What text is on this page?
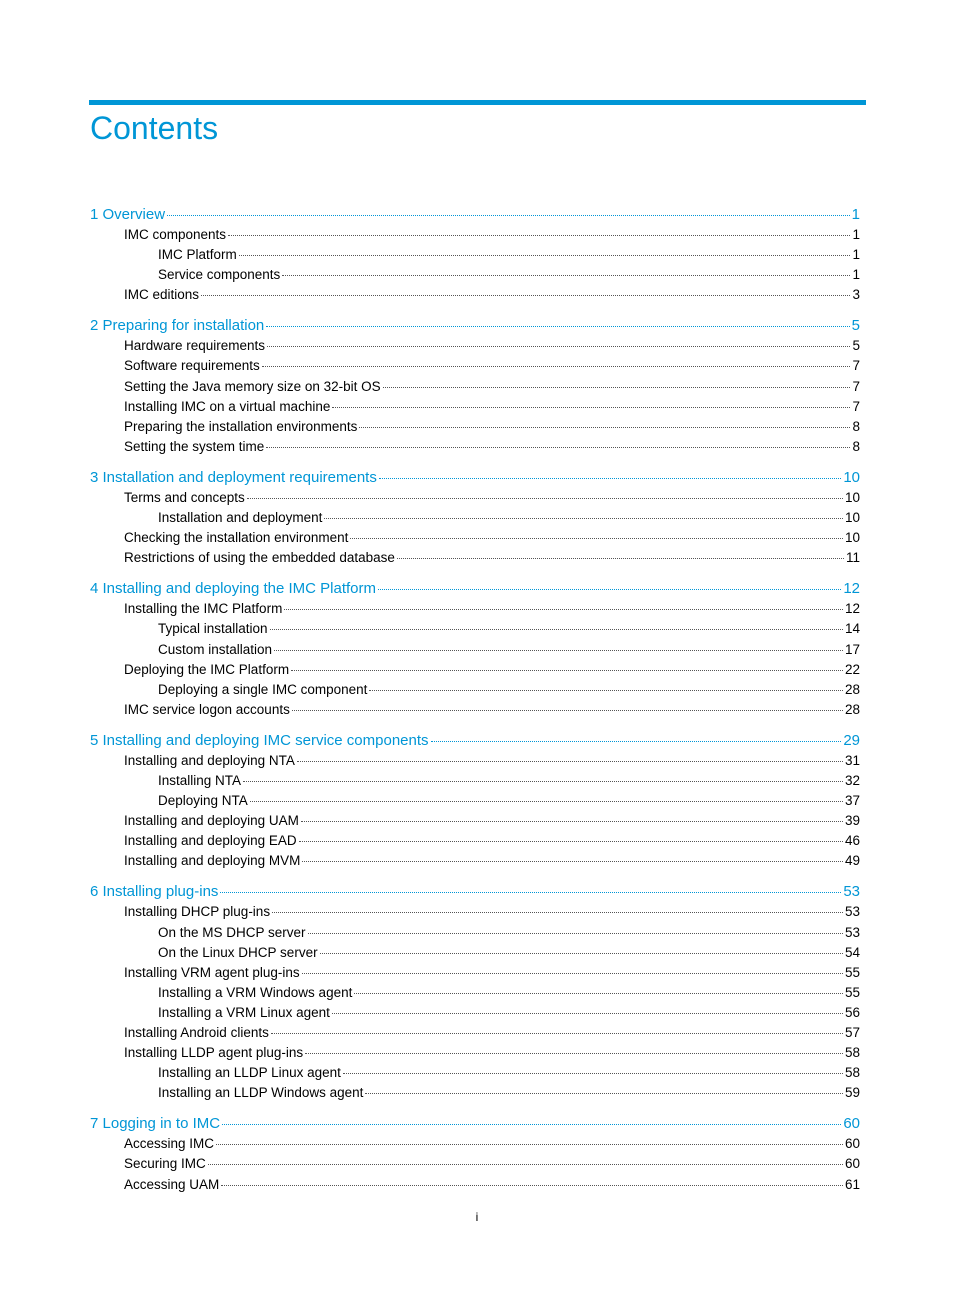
Contents
1 Overview	1
IMC components	1
IMC Platform	1
Service components	1
IMC editions	3
2 Preparing for installation	5
Hardware requirements	5
Software requirements	7
Setting the Java memory size on 32-bit OS	7
Installing IMC on a virtual machine	7
Preparing the installation environments	8
Setting the system time	8
3 Installation and deployment requirements	10
Terms and concepts	10
Installation and deployment	10
Checking the installation environment	10
Restrictions of using the embedded database	11
4 Installing and deploying the IMC Platform	12
Installing the IMC Platform	12
Typical installation	14
Custom installation	17
Deploying the IMC Platform	22
Deploying a single IMC component	28
IMC service logon accounts	28
5 Installing and deploying IMC service components	29
Installing and deploying NTA	31
Installing NTA	32
Deploying NTA	37
Installing and deploying UAM	39
Installing and deploying EAD	46
Installing and deploying MVM	49
6 Installing plug-ins	53
Installing DHCP plug-ins	53
On the MS DHCP server	53
On the Linux DHCP server	54
Installing VRM agent plug-ins	55
Installing a VRM Windows agent	55
Installing a VRM Linux agent	56
Installing Android clients	57
Installing LLDP agent plug-ins	58
Installing an LLDP Linux agent	58
Installing an LLDP Windows agent	59
7 Logging in to IMC	60
Accessing IMC	60
Securing IMC	60
Accessing UAM	61
i
